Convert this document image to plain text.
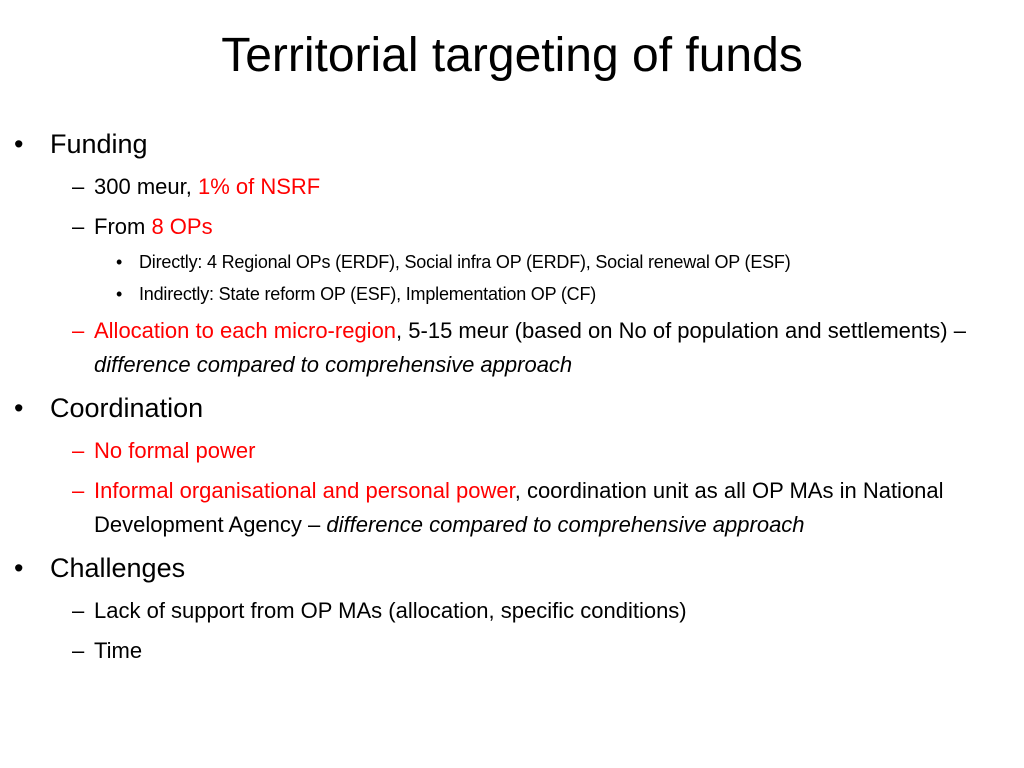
Territorial targeting of funds

• Funding

– 300 meur, 1% of NSRF

– From 8 OPs

• Directly: 4 Regional OPs (ERDF), Social infra OP (ERDF), Social renewal OP (ESF)

• Indirectly: State reform OP (ESF), Implementation OP (CF)

– Allocation to each micro-region, 5-15 meur (based on No of population and settlements) – difference compared to comprehensive approach

• Coordination

– No formal power

– Informal organisational and personal power, coordination unit as all OP MAs in National Development Agency – difference compared to comprehensive approach

• Challenges

– Lack of support from OP MAs (allocation, specific conditions)

– Time
